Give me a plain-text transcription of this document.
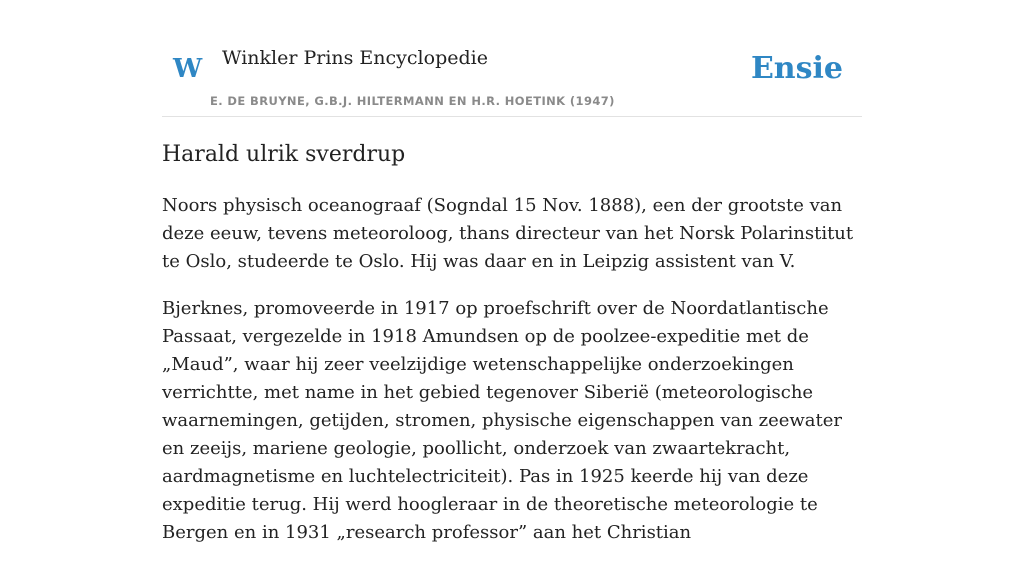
W Winkler Prins Encyclopedie
E. DE BRUYNE, G.B.J. HILTERMANN EN H.R. HOETINK (1947)
Ensie
Harald ulrik sverdrup

Noors physisch oceanograaf (Sogndal 15 Nov. 1888), een der grootste van deze eeuw, tevens meteoroloog, thans directeur van het Norsk Polarinstitut te Oslo, studeerde te Oslo. Hij was daar en in Leipzig assistent van V.

Bjerknes, promoveerde in 1917 op proefschrift over de Noordatlantische Passaat, vergezelde in 1918 Amundsen op de poolzee-expeditie met de „Maud”, waar hij zeer veelzijdige wetenschappelijke onderzoekingen verrichtte, met name in het gebied tegenover Siberië (meteorologische waarnemingen, getijden, stromen, physische eigenschappen van zeewater en zeeijs, mariene geologie, poollicht, onderzoek van zwaartekracht, aardmagnetisme en luchtelectriciteit). Pas in 1925 keerde hij van deze expeditie terug. Hij werd hoogleraar in de theoretische meteorologie te Bergen en in 1931 „research professor” aan het Christian
